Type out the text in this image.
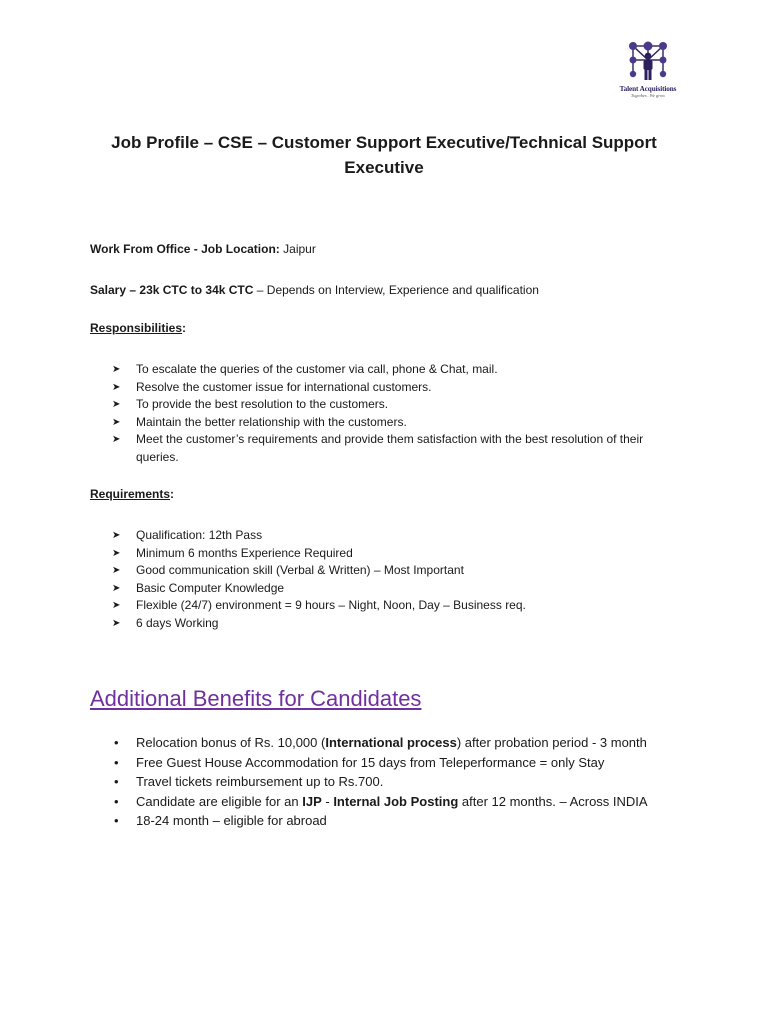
Talent Acquisitions
Together...We grow
Job Profile – CSE – Customer Support Executive/Technical Support Executive
Work From Office - Job Location: Jaipur
Salary – 23k CTC to 34k CTC – Depends on Interview, Experience and qualification
Responsibilities:
➤ To escalate the queries of the customer via call, phone & Chat, mail.
➤ Resolve the customer issue for international customers.
➤ To provide the best resolution to the customers.
➤ Maintain the better relationship with the customers.
➤ Meet the customer’s requirements and provide them satisfaction with the best resolution of their queries.
Requirements:
➤ Qualification: 12th Pass
➤ Minimum 6 months Experience Required
➤ Good communication skill (Verbal & Written) – Most Important
➤ Basic Computer Knowledge
➤ Flexible (24/7) environment = 9 hours – Night, Noon, Day – Business req.
➤ 6 days Working
Additional Benefits for Candidates
• Relocation bonus of Rs. 10,000 (International process) after probation period - 3 month
• Free Guest House Accommodation for 15 days from Teleperformance = only Stay
• Travel tickets reimbursement up to Rs.700.
• Candidate are eligible for an IJP - Internal Job Posting after 12 months. – Across INDIA
• 18-24 month – eligible for abroad
